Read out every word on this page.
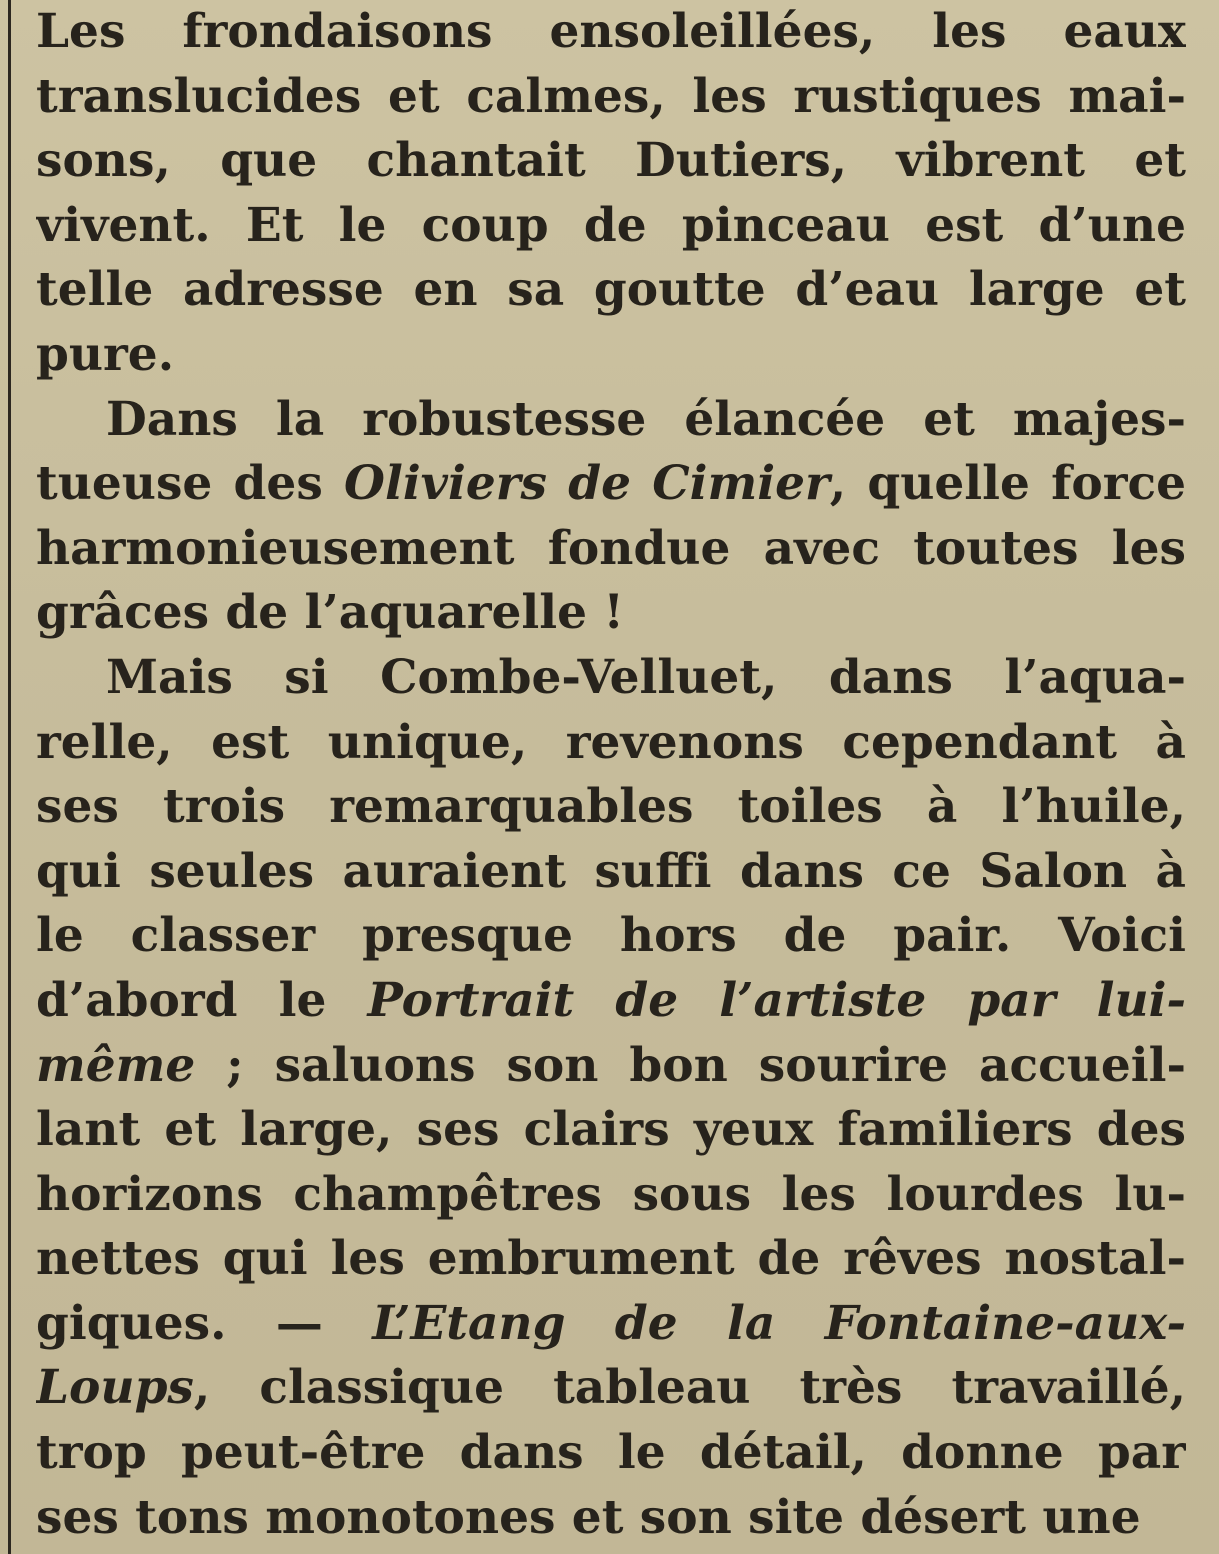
Les frondaisons ensoleillées, les eaux
translucides et calmes, les rustiques mai-
sons, que chantait Dutiers, vibrent et
vivent. Et le coup de pinceau est d’une
telle adresse en sa goutte d’eau large et
pure.
Dans la robustesse élancée et majes-
tueuse des Oliviers de Cimier, quelle force
harmonieusement fondue avec toutes les
grâces de l’aquarelle !
Mais si Combe-Velluet, dans l’aqua-
relle, est unique, revenons cependant à
ses trois remarquables toiles à l’huile,
qui seules auraient suffi dans ce Salon à
le classer presque hors de pair. Voici
d’abord le Portrait de l’artiste par lui-
même ; saluons son bon sourire accueil-
lant et large, ses clairs yeux familiers des
horizons champêtres sous les lourdes lu-
nettes qui les embrument de rêves nostal-
giques. — L’Etang de la Fontaine-aux-
Loups, classique tableau très travaillé,
trop peut-être dans le détail, donne par
ses tons monotones et son site désert une
